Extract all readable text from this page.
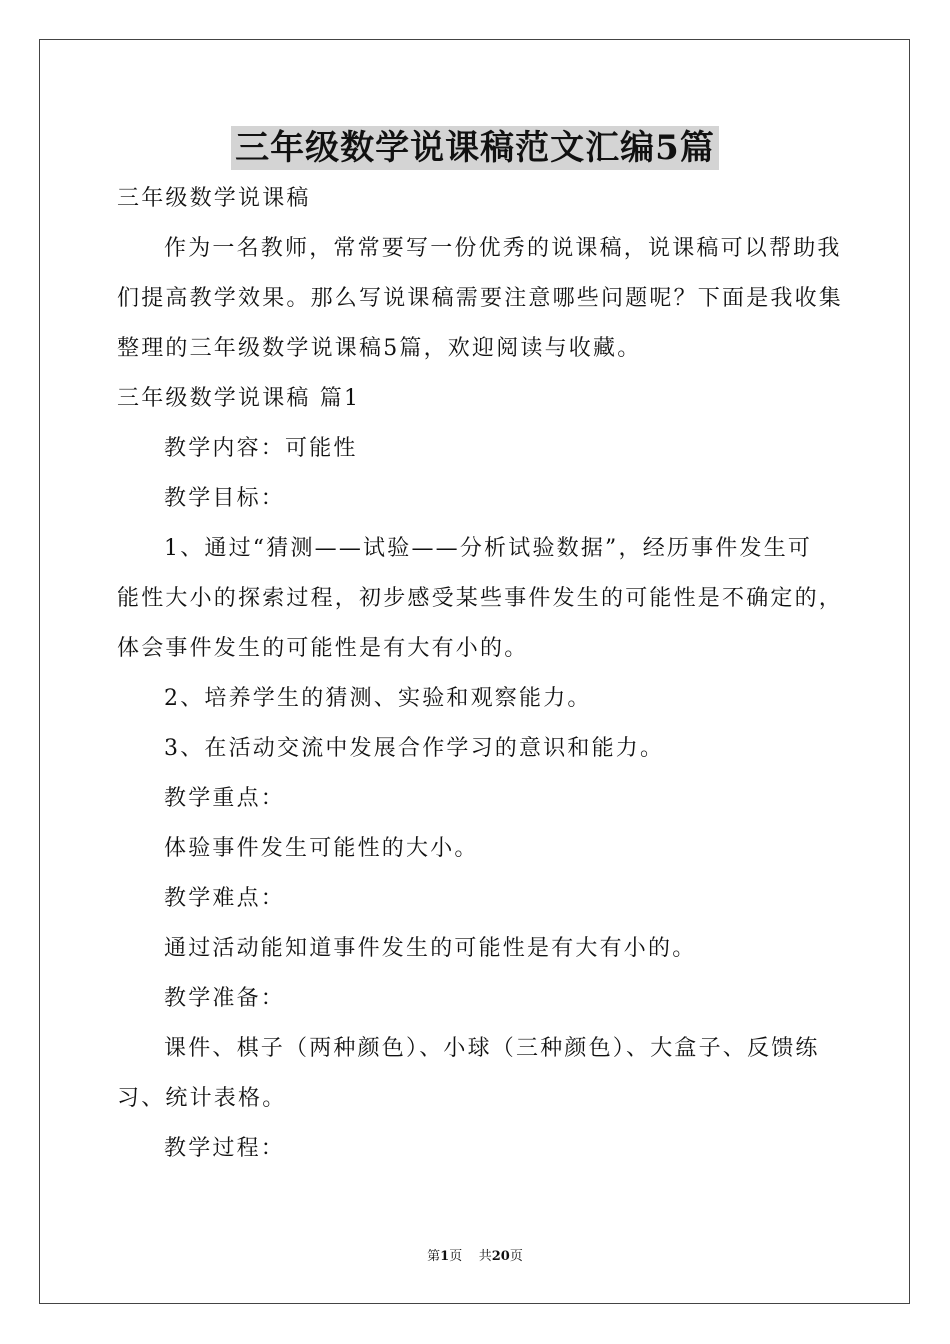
三年级数学说课稿范文汇编5篇
三年级数学说课稿
作为一名教师，常常要写一份优秀的说课稿，说课稿可以帮助我
们提高教学效果。那么写说课稿需要注意哪些问题呢？下面是我收集
整理的三年级数学说课稿5篇，欢迎阅读与收藏。
三年级数学说课稿 篇1
教学内容：可能性
教学目标：
1、通过“猜测——试验——分析试验数据”，经历事件发生可
能性大小的探索过程，初步感受某些事件发生的可能性是不确定的，
体会事件发生的可能性是有大有小的。
2、培养学生的猜测、实验和观察能力。
3、在活动交流中发展合作学习的意识和能力。
教学重点：
体验事件发生可能性的大小。
教学难点：
通过活动能知道事件发生的可能性是有大有小的。
教学准备：
课件、棋子（两种颜色）、小球（三种颜色）、大盒子、反馈练
习、统计表格。
教学过程：
第1页 共20页
